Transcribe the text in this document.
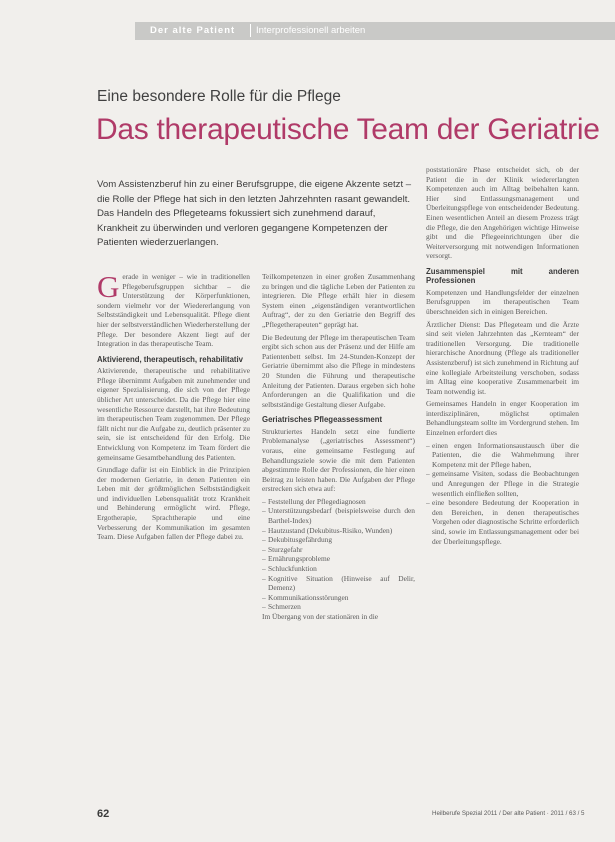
Der alte Patient Interprofessionell arbeiten
Eine besondere Rolle für die Pflege
Das therapeutische Team der Geriatrie
Vom Assistenzberuf hin zu einer Berufsgruppe, die eigene Akzente setzt – die Rolle der Pflege hat sich in den letzten Jahrzehnten rasant gewandelt. Das Handeln des Pflegeteams fokussiert sich zunehmend darauf, Krankheit zu überwinden und verloren gegangene Kompetenzen der Patienten wiederzuerlangen.

Gerade in weniger – wie in traditionellen Pflegeberufsgruppen sichtbar – die Unterstützung der Körperfunktionen, sondern vielmehr vor der Wiedererlangung von Selbstständigkeit und Lebensqualität. Pflege dient hier der selbstverständlichen Wiederherstellung der Pflege. Der besondere Akzent liegt auf der Integration in das therapeutische Team.

Aktivierend, therapeutisch, rehabilitativ

Aktivierende, therapeutische und rehabilitative Pflege übernimmt Aufgaben mit zunehmender und eigener Spezialisierung, die sich von der Pflege üblicher Art unterscheidet. Da die Pflege hier eine wesentliche Ressource darstellt, hat ihre Bedeutung im therapeutischen Team zugenommen. Der Pflege fällt nicht nur die Aufgabe zu, deutlich präsenter zu sein, sie ist entscheidend für den Erfolg. Die Entwicklung von Kompetenz im Team fördert die gemeinsame Gesamtbehandlung des Patienten.

Grundlage dafür ist ein Einblick in die Prinzipien der modernen Geriatrie, in denen Patienten ein Leben mit der größtmöglichen Selbstständigkeit und individuellen Lebensqualität trotz Krankheit und Behinderung ermöglicht wird. Pflege, Ergotherapie, Sprachtherapie und eine Verbesserung der Kommunikation im gesamten Team. Diese Aufgaben fallen der Pflege dabei zu.

Teilkompetenzen in einer großen Zusammenhang zu bringen und die tägliche Leben der Patienten zu integrieren. Die Pflege erhält hier in diesem System einen „eigenständigen verantwortlichen Auftrag“, der zu den Geriatrie den Begriff des „Pflegetherapeuten“ geprägt hat.

Die Bedeutung der Pflege im therapeutischen Team ergibt sich schon aus der Präsenz und der Hilfe am Patientenbett selbst. Im 24-Stunden-Konzept der Geriatrie übernimmt also die Pflege in mindestens 20 Stunden die Führung und therapeutische Anleitung der Patienten. Daraus ergeben sich hohe Anforderungen an die Qualifikation und die selbstständige Gestaltung dieser Aufgabe.

Geriatrisches Pflegeassessment

Strukturiertes Handeln setzt eine fundierte Problemanalyse („geriatrisches Assessment“) voraus, eine gemeinsame Festlegung auf Behandlungsziele sowie die mit dem Patienten abgestimmte Rolle der Professionen, die hier einen Beitrag zu leisten haben. Die Aufgaben der Pflege erstrecken sich etwa auf:

– Feststellung der Pflegediagnosen
– Unterstützungsbedarf (beispielsweise durch den Barthel-Index)
– Hautzustand (Dekubitus-Risiko, Wunden)
– Dekubitusgefährdung
– Sturzgefahr
– Ernährungsprobleme
– Schluckfunktion
– Kognitive Situation (Hinweise auf Delir, Demenz)
– Kommunikationsstörungen
– Schmerzen

Im Übergang von der stationären in die

poststationäre Phase entscheidet sich, ob der Patient die in der Klinik wiedererlangten Kompetenzen auch im Alltag beibehalten kann. Hier sind Entlassungsmanagement und Überleitungspflege von entscheidender Bedeutung. Einen wesentlichen Anteil an diesem Prozess trägt die Pflege, die den Angehörigen wichtige Hinweise gibt und die Pflegeeinrichtungen über die Weiterversorgung mit notwendigen Informationen versorgt.

Zusammenspiel mit anderen Professionen

Kompetenzen und Handlungsfelder der einzelnen Berufsgruppen im therapeutischen Team überschneiden sich in einigen Bereichen.

Ärztlicher Dienst: Das Pflegeteam und die Ärzte sind seit vielen Jahrzehnten das „Kernteam“ der traditionellen Versorgung. Die traditionelle hierarchische Anordnung (Pflege als traditioneller Assistenzberuf) ist sich zunehmend in Richtung auf eine kollegiale Arbeitsteilung verschoben, sodass im Alltag eine kooperative Zusammenarbeit im Team notwendig ist.

Gemeinsames Handeln in enger Kooperation im interdisziplinären, möglichst optimalen Behandlungsteam sollte im Vordergrund stehen. Im Einzelnen erfordert dies

– einen engen Informationsaustausch über die Patienten, die die Wahrnehmung ihrer Kompetenz mit der Pflege haben,
– gemeinsame Visiten, sodass die Beobachtungen und Anregungen der Pflege in die Strategie wesentlich einfließen sollten,
– eine besondere Bedeutung der Kooperation in den Bereichen, in denen therapeutisches Vorgehen oder diagnostische Schritte erforderlich sind, sowie im Entlassungsmanagement oder bei der Überleitungspflege.
62	Heilberufe Spezial 2011 / Der alte Patient · 2011 / 63 / 5
